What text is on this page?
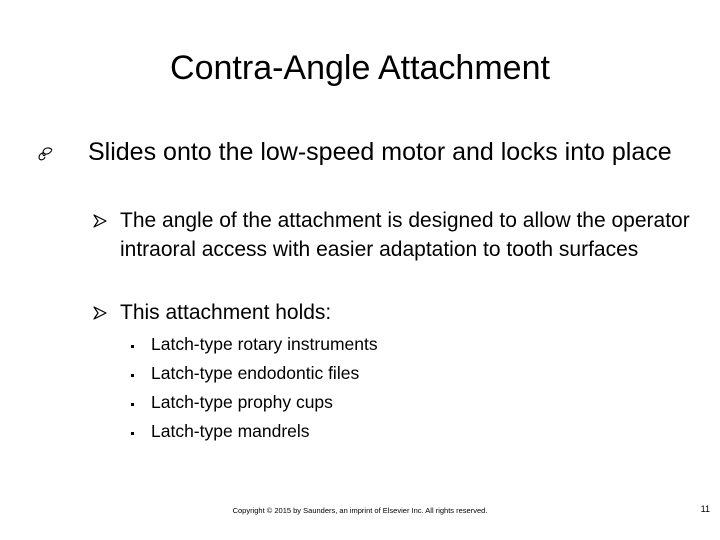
Contra-Angle Attachment
Slides onto the low-speed motor and locks into place
The angle of the attachment is designed to allow the operator intraoral access with easier adaptation to tooth surfaces
This attachment holds:
Latch-type rotary instruments
Latch-type endodontic files
Latch-type prophy cups
Latch-type mandrels
Copyright © 2015 by Saunders, an imprint of Elsevier Inc. All rights reserved.	11
